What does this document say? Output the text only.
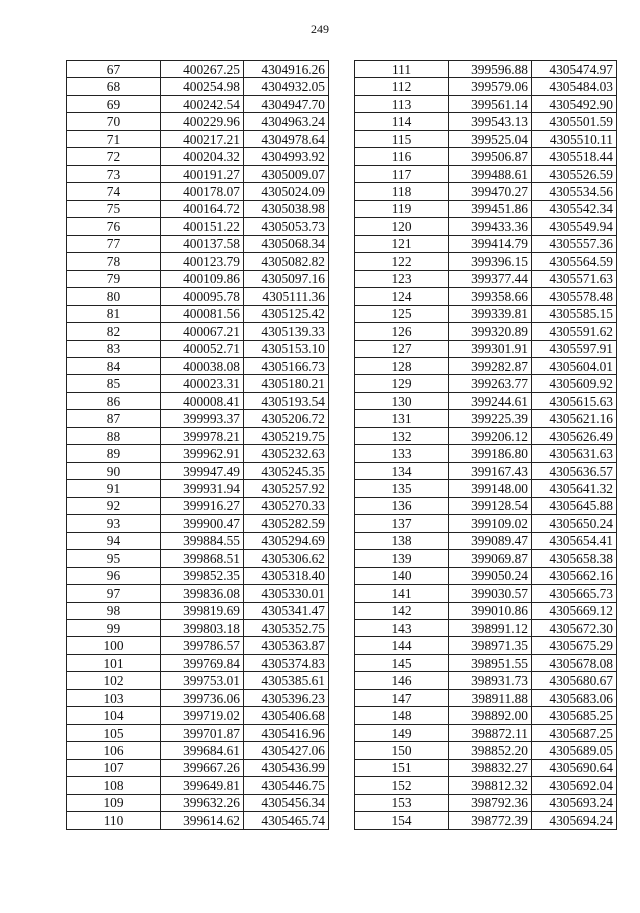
249
67	400267.25	4304916.26
68	400254.98	4304932.05
69	400242.54	4304947.70
70	400229.96	4304963.24
71	400217.21	4304978.64
72	400204.32	4304993.92
73	400191.27	4305009.07
74	400178.07	4305024.09
75	400164.72	4305038.98
76	400151.22	4305053.73
77	400137.58	4305068.34
78	400123.79	4305082.82
79	400109.86	4305097.16
80	400095.78	4305111.36
81	400081.56	4305125.42
82	400067.21	4305139.33
83	400052.71	4305153.10
84	400038.08	4305166.73
85	400023.31	4305180.21
86	400008.41	4305193.54
87	399993.37	4305206.72
88	399978.21	4305219.75
89	399962.91	4305232.63
90	399947.49	4305245.35
91	399931.94	4305257.92
92	399916.27	4305270.33
93	399900.47	4305282.59
94	399884.55	4305294.69
95	399868.51	4305306.62
96	399852.35	4305318.40
97	399836.08	4305330.01
98	399819.69	4305341.47
99	399803.18	4305352.75
100	399786.57	4305363.87
101	399769.84	4305374.83
102	399753.01	4305385.61
103	399736.06	4305396.23
104	399719.02	4305406.68
105	399701.87	4305416.96
106	399684.61	4305427.06
107	399667.26	4305436.99
108	399649.81	4305446.75
109	399632.26	4305456.34
110	399614.62	4305465.74
111	399596.88	4305474.97
112	399579.06	4305484.03
113	399561.14	4305492.90
114	399543.13	4305501.59
115	399525.04	4305510.11
116	399506.87	4305518.44
117	399488.61	4305526.59
118	399470.27	4305534.56
119	399451.86	4305542.34
120	399433.36	4305549.94
121	399414.79	4305557.36
122	399396.15	4305564.59
123	399377.44	4305571.63
124	399358.66	4305578.48
125	399339.81	4305585.15
126	399320.89	4305591.62
127	399301.91	4305597.91
128	399282.87	4305604.01
129	399263.77	4305609.92
130	399244.61	4305615.63
131	399225.39	4305621.16
132	399206.12	4305626.49
133	399186.80	4305631.63
134	399167.43	4305636.57
135	399148.00	4305641.32
136	399128.54	4305645.88
137	399109.02	4305650.24
138	399089.47	4305654.41
139	399069.87	4305658.38
140	399050.24	4305662.16
141	399030.57	4305665.73
142	399010.86	4305669.12
143	398991.12	4305672.30
144	398971.35	4305675.29
145	398951.55	4305678.08
146	398931.73	4305680.67
147	398911.88	4305683.06
148	398892.00	4305685.25
149	398872.11	4305687.25
150	398852.20	4305689.05
151	398832.27	4305690.64
152	398812.32	4305692.04
153	398792.36	4305693.24
154	398772.39	4305694.24
